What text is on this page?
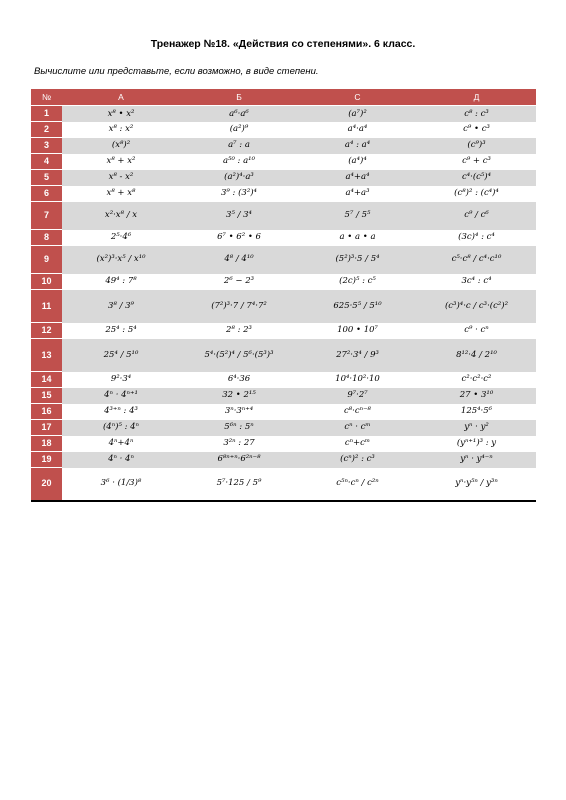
Тренажер №18. «Действия со степенями». 6 класс.
Вычислите или представьте, если возможно, в виде степени.
№	А	Б	С	Д
1	x⁸ • x²	a⁶·a⁶	(a⁷)²	c⁸ : c³
2	x⁸ : x²	(a²)⁹	a⁴·a⁴	c⁹ • c³
3	(x⁸)²	a⁷ : a	a⁴ : a⁴	(c⁹)³
4	x⁸ + x²	a⁵⁰ : a¹⁰	(a⁴)⁴	c⁹ + c³
5	x⁸ - x²	(a²)⁴·a³	a⁴+a⁴	c⁴·(c⁵)⁴
6	x⁸ + x⁸	3⁹ : (3²)⁴	a⁴+a³	(c⁸)² : (c⁴)⁴
7	x²·x⁸ / x	3⁵ / 3⁴	5⁷ / 5⁵	c⁹ / c⁶
8	2⁵·4⁶	6⁷ • 6² • 6	a • a • a	(3c)⁴ : c⁴
9	(x²)³·x⁵ / x¹⁰	4⁸ / 4¹⁰	(5²)³·5 / 5⁴	c⁵·c⁸ / c⁴·c¹⁰
10	49⁴ : 7⁸	2⁶ − 2³	(2c)⁵ : c⁵	3c⁴ : c⁴
11	3⁸ / 3⁹	(7²)³·7 / 7⁴·7²	625·5⁵ / 5¹⁰	(c³)⁴·c / c³·(c²)²
12	25⁴ : 5⁴	2⁸ : 2³	100 • 10⁷	c⁹ · cⁿ
13	25⁴ / 5¹⁰	5⁴·(5²)⁴ / 5⁶·(5³)³	27²·3⁴ / 9³	8¹²·4 / 2¹⁰
14	9²·3⁴	6⁴·36	10⁴·10²·10	c²·c²·c²
15	4ⁿ · 4ⁿ⁺¹	32 • 2¹⁵	9⁷·2⁷	27 • 3¹⁰
16	4³⁺ⁿ : 4³	3ⁿ·3ⁿ⁺⁴	c⁸·cⁿ⁻⁸	125⁴·5⁶
17	(4ⁿ)⁵ : 4ⁿ	5⁶ⁿ : 5ⁿ	cⁿ · cᵐ	yⁿ · y²
18	4ⁿ+4ⁿ	3²ⁿ : 27	cⁿ+cᵐ	(yⁿ⁺¹)³ : y
19	4ⁿ · 4ⁿ	6⁸ⁿ⁺ⁿ·6²ⁿ⁻⁸	(cⁿ)² : c³	yⁿ · y⁴⁻ⁿ
20	3⁶ · (1/3)⁸	5⁷·125 / 5⁹	c⁵ⁿ·cⁿ / c²ⁿ	yⁿ·y⁵ⁿ / y³ⁿ
